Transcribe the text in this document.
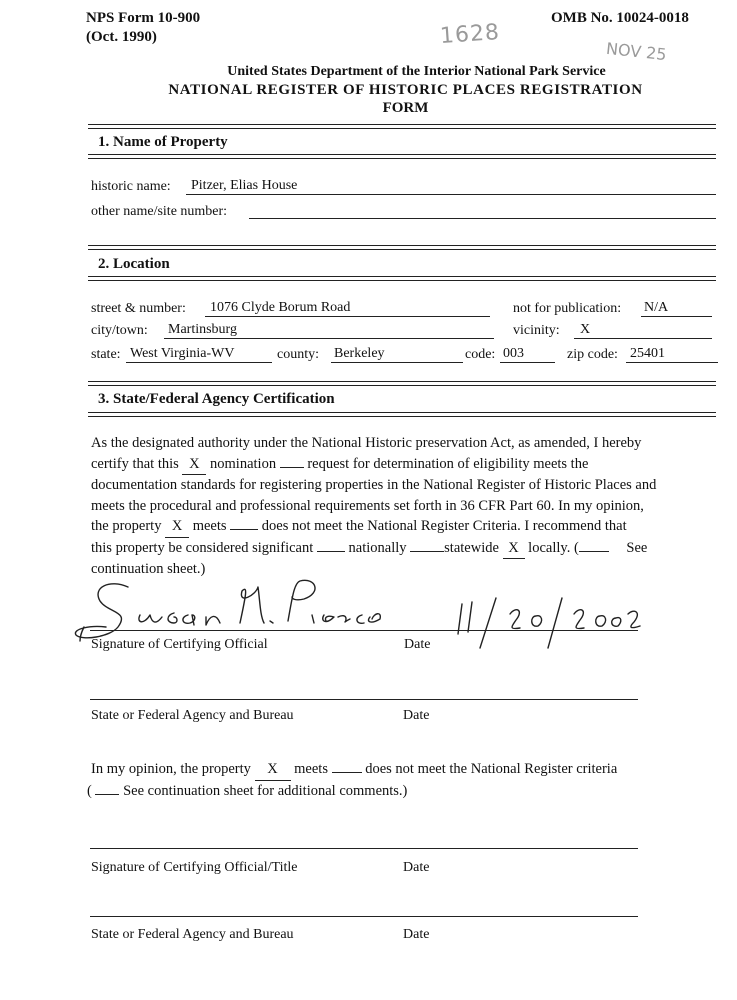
NPS Form 10-900
(Oct. 1990)
OMB No. 10024-0018
1628
NOV 25
United States Department of the Interior National Park Service
NATIONAL REGISTER OF HISTORIC PLACES REGISTRATION
FORM
1. Name of Property
historic name: Pitzer, Elias House
other name/site number:
2. Location
street & number: 1076 Clyde Borum Road	not for publication: N/A
city/town: Martinsburg	vicinity: X
state: West Virginia-WV	county: Berkeley	code: 003	zip code: 25401
3. State/Federal Agency Certification
As the designated authority under the National Historic preservation Act, as amended, I hereby
certify that this X nomination request for determination of eligibility meets the
documentation standards for registering properties in the National Register of Historic Places and
meets the procedural and professional requirements set forth in 36 CFR Part 60. In my opinion,
the property X meets does not meet the National Register Criteria. I recommend that
this property be considered significant nationally	statewide X locally. (	See
continuation sheet.)
Signature of Certifying Official	Date
State or Federal Agency and Bureau	Date
In my opinion, the property X meets	does not meet the National Register criteria
( See continuation sheet for additional comments.)
Signature of Certifying Official/Title	Date
State or Federal Agency and Bureau	Date
